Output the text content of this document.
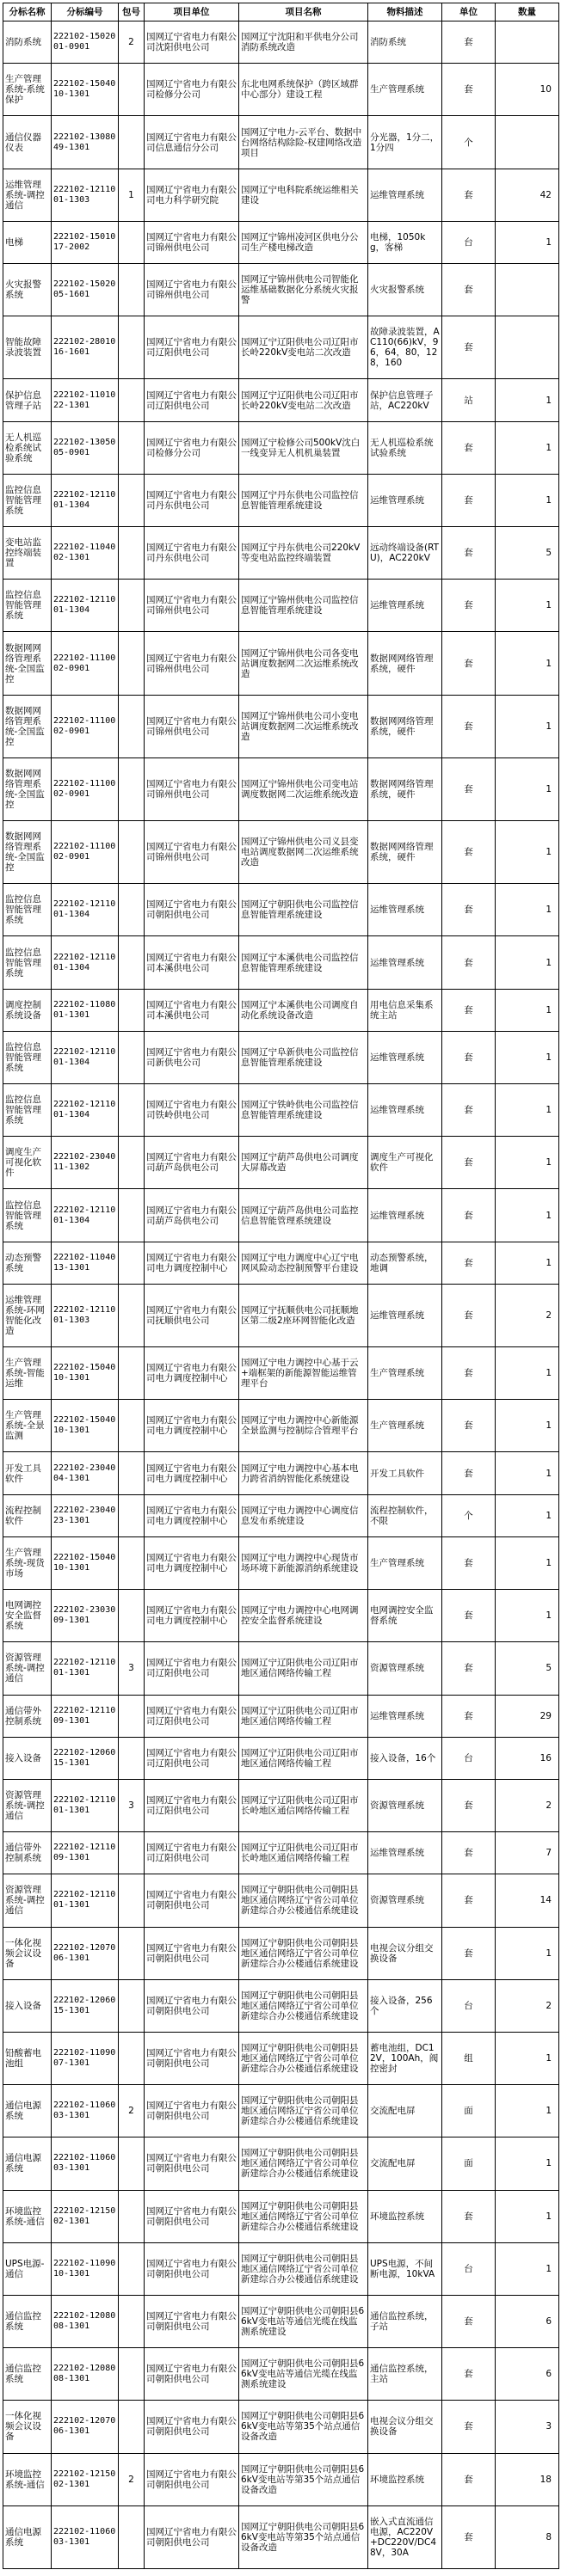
分标名称	分标编号	包号	项目单位	项目名称	物料描述	单位	数量
消防系统	222102-1502001-0901	2	国网辽宁省电力有限公司沈阳供电公司	国网辽宁沈阳和平供电分公司消防系统改造	消防系统	套	
生产管理系统-系统保护	222102-1504010-1301		国网辽宁省电力有限公司检修分公司	东北电网系统保护（跨区域群中心部分）建设工程	生产管理系统	套	10
通信仪器仪表	222102-1308049-1301		国网辽宁省电力有限公司信息通信分公司	国网辽宁电力-云平台、数据中台网络结构除险-权建网络改造项目	分光器，1分二，1分四	个	
运维管理系统-调控通信	222102-1211001-1303	1	国网辽宁省电力有限公司电力科学研究院	国网辽宁电科院系统运维相关建设	运维管理系统	套	42
电梯	222102-1501017-2002		国网辽宁省电力有限公司锦州供电公司	国网辽宁锦州凌河区供电分公司生产楼电梯改造	电梯，1050kg，客梯	台	1
火灾报警系统	222102-1502005-1601		国网辽宁省电力有限公司锦州供电公司	国网辽宁锦州供电公司智能化运维基础数据化分系统火灾报警	火灾报警系统	套	
智能故障录波装置	222102-2801016-1601		国网辽宁省电力有限公司辽阳供电公司	国网辽宁辽阳供电公司辽阳市长岭220kV变电站二次改造	故障录波装置，AC110(66)kV，96，64，80，128，160	套	
保护信息管理子站	222102-1101022-1301		国网辽宁省电力有限公司辽阳供电公司	国网辽宁辽阳供电公司辽阳市长岭220kV变电站二次改造	保护信息管理子站，AC220kV	站	1
无人机巡检系统试验系统	222102-1305005-0901		国网辽宁省电力有限公司检修分公司	国网辽宁检修公司500kV沈白一线变异无人机机巢装置	无人机巡检系统试验系统	套	1
监控信息智能管理系统	222102-1211001-1304		国网辽宁省电力有限公司丹东供电公司	国网辽宁丹东供电公司监控信息智能管理系统建设	运维管理系统	套	1
变电站监控终端装置	222102-1104002-1301		国网辽宁省电力有限公司丹东供电公司	国网辽宁丹东供电公司220kV等变电站监控终端装置	远动终端设备(RTU)，AC220kV	套	5
监控信息智能管理系统	222102-1211001-1304		国网辽宁省电力有限公司锦州供电公司	国网辽宁锦州供电公司监控信息智能管理系统建设	运维管理系统	套	1
数据网网络管理系统-全国监控	222102-1110002-0901		国网辽宁省电力有限公司锦州供电公司	国网辽宁锦州供电公司各变电站调度数据网二次运维系统改造	数据网网络管理系统，硬件	套	1
数据网网络管理系统-全国监控	222102-1110002-0901		国网辽宁省电力有限公司锦州供电公司	国网辽宁锦州供电公司小变电站调度数据网二次运维系统改造	数据网网络管理系统，硬件	套	1
数据网网络管理系统-全国监控	222102-1110002-0901		国网辽宁省电力有限公司锦州供电公司	国网辽宁锦州供电公司变电站调度数据网二次运维系统改造	数据网网络管理系统，硬件	套	1
数据网网络管理系统-全国监控	222102-1110002-0901		国网辽宁省电力有限公司锦州供电公司	国网辽宁锦州供电公司义县变电站调度数据网二次运维系统改造	数据网网络管理系统，硬件	套	1
监控信息智能管理系统	222102-1211001-1304		国网辽宁省电力有限公司朝阳供电公司	国网辽宁朝阳供电公司监控信息智能管理系统建设	运维管理系统	套	1
监控信息智能管理系统	222102-1211001-1304		国网辽宁省电力有限公司本溪供电公司	国网辽宁本溪供电公司监控信息智能管理系统建设	运维管理系统	套	1
调度控制系统设备	222102-1108001-1301		国网辽宁省电力有限公司本溪供电公司	国网辽宁本溪供电公司调度自动化系统设备改造	用电信息采集系统主站	套	1
监控信息智能管理系统	222102-1211001-1304		国网辽宁省电力有限公司新供电公司	国网辽宁阜新供电公司监控信息智能管理系统建设	运维管理系统	套	1
监控信息智能管理系统	222102-1211001-1304		国网辽宁省电力有限公司铁岭供电公司	国网辽宁铁岭供电公司监控信息智能管理系统建设	运维管理系统	套	1
调度生产可视化软件	222102-2304011-1302		国网辽宁省电力有限公司葫芦岛供电公司	国网辽宁葫芦岛供电公司调度大屏幕改造	调度生产可视化软件	套	1
监控信息智能管理系统	222102-1211001-1304		国网辽宁省电力有限公司葫芦岛供电公司	国网辽宁葫芦岛供电公司监控信息智能管理系统建设	运维管理系统	套	1
动态预警系统	222102-1104013-1301		国网辽宁省电力有限公司电力调度控制中心	国网辽宁电力调度中心辽宁电网风险动态控制预警平台建设	动态预警系统，地调	套	1
运维管理系统-环网智能化改造	222102-1211001-1303		国网辽宁省电力有限公司抚顺供电公司	国网辽宁抚顺供电公司抚顺地区第二级2座环网智能化改造	运维管理系统	套	2
生产管理系统-智能运维	222102-1504010-1301		国网辽宁省电力有限公司电力调度控制中心	国网辽宁电力调控中心基于云+端框架的新能源智能运维管理平台	生产管理系统	套	1
生产管理系统-全景监测	222102-1504010-1301		国网辽宁省电力有限公司电力调度控制中心	国网辽宁电力调控中心新能源全景监测与控制综合管理平台	生产管理系统	套	1
开发工具软件	222102-2304004-1301		国网辽宁省电力有限公司电力调度控制中心	国网辽宁电力调控中心基本电力跨省消纳智能化系统建设	开发工具软件	套	1
流程控制软件	222102-2304023-1301		国网辽宁省电力有限公司电力调度控制中心	国网辽宁电力调控中心调度信息发布系统建设	流程控制软件，不限	个	1
生产管理系统-现货市场	222102-1504010-1301		国网辽宁省电力有限公司电力调度控制中心	国网辽宁电力调控中心现货市场环境下新能源消纳系统建设	生产管理系统	套	1
电网调控安全监督系统	222102-2303009-1301		国网辽宁省电力有限公司电力调度控制中心	国网辽宁电力调控中心电网调控安全监督系统建设	电网调控安全监督系统	套	1
资源管理系统-调控通信	222102-1211001-1301	3	国网辽宁省电力有限公司辽阳供电公司	国网辽宁辽阳供电公司辽阳市地区通信网络传输工程	资源管理系统	套	5
通信带外控制系统	222102-1211009-1301		国网辽宁省电力有限公司辽阳供电公司	国网辽宁辽阳供电公司辽阳市地区通信网络传输工程	运维管理系统	套	29
接入设备	222102-1206015-1301		国网辽宁省电力有限公司辽阳供电公司	国网辽宁辽阳供电公司辽阳市地区通信网络传输工程	接入设备，16个	台	16
资源管理系统-调控通信	222102-1211001-1301	3	国网辽宁省电力有限公司辽阳供电公司	国网辽宁辽阳供电公司辽阳市长岭地区通信网络传输工程	资源管理系统	套	2
通信带外控制系统	222102-1211009-1301		国网辽宁省电力有限公司辽阳供电公司	国网辽宁辽阳供电公司辽阳市长岭地区通信网络传输工程	运维管理系统	套	7
资源管理系统-调控通信	222102-1211001-1301		国网辽宁省电力有限公司朝阳供电公司	国网辽宁朝阳供电公司朝阳县地区通信网络辽宁省公司单位新建综合办公楼通信系统建设	资源管理系统	套	14
一体化视频会议设备	222102-1207006-1301		国网辽宁省电力有限公司朝阳供电公司	国网辽宁朝阳供电公司朝阳县地区通信网络辽宁省公司单位新建综合办公楼通信系统建设	电视会议分组交换设备	套	1
接入设备	222102-1206015-1301		国网辽宁省电力有限公司朝阳供电公司	国网辽宁朝阳供电公司朝阳县地区通信网络辽宁省公司单位新建综合办公楼通信系统建设	接入设备，256个	台	2
铅酸蓄电池组	222102-1109007-1301		国网辽宁省电力有限公司朝阳供电公司	国网辽宁朝阳供电公司朝阳县地区通信网络辽宁省公司单位新建综合办公楼通信系统建设	蓄电池组，DC12V，100Ah，阀控密封	组	1
通信电源系统	222102-1106003-1301	2	国网辽宁省电力有限公司朝阳供电公司	国网辽宁朝阳供电公司朝阳县地区通信网络辽宁省公司单位新建综合办公楼通信系统建设	交流配电屏	面	1
通信电源系统	222102-1106003-1301		国网辽宁省电力有限公司朝阳供电公司	国网辽宁朝阳供电公司朝阳县地区通信网络辽宁省公司单位新建综合办公楼通信系统建设	交流配电屏	面	1
环境监控系统-通信	222102-1215002-1301		国网辽宁省电力有限公司朝阳供电公司	国网辽宁朝阳供电公司朝阳县地区通信网络辽宁省公司单位新建综合办公楼通信系统建设	环境监控系统	套	1
UPS电源-通信	222102-1109010-1301		国网辽宁省电力有限公司朝阳供电公司	国网辽宁朝阳供电公司朝阳县地区通信网络辽宁省公司单位新建综合办公楼通信系统建设	UPS电源，不间断电源，10kVA	台	1
通信监控系统	222102-1208008-1301		国网辽宁省电力有限公司朝阳供电公司	国网辽宁朝阳供电公司朝阳县66kV变电站等通信光缆在线监测系统建设	通信监控系统，子站	套	6
通信监控系统	222102-1208008-1301		国网辽宁省电力有限公司朝阳供电公司	国网辽宁朝阳供电公司朝阳县66kV变电站等通信光缆在线监测系统建设	通信监控系统，主站	套	6
一体化视频会议设备	222102-1207006-1301		国网辽宁省电力有限公司朝阳供电公司	国网辽宁朝阳供电公司朝阳县66kV变电站等第35个站点通信设备改造	电视会议分组交换设备	套	3
环境监控系统-通信	222102-1215002-1301	2	国网辽宁省电力有限公司朝阳供电公司	国网辽宁朝阳供电公司朝阳县66kV变电站等第35个站点通信设备改造	环境监控系统	套	18
通信电源系统	222102-1106003-1301		国网辽宁省电力有限公司朝阳供电公司	国网辽宁朝阳供电公司朝阳县66kV变电站等第35个站点通信设备改造	嵌入式直流通信电源，AC220V+DC220V/DC48V，30A	套	8
